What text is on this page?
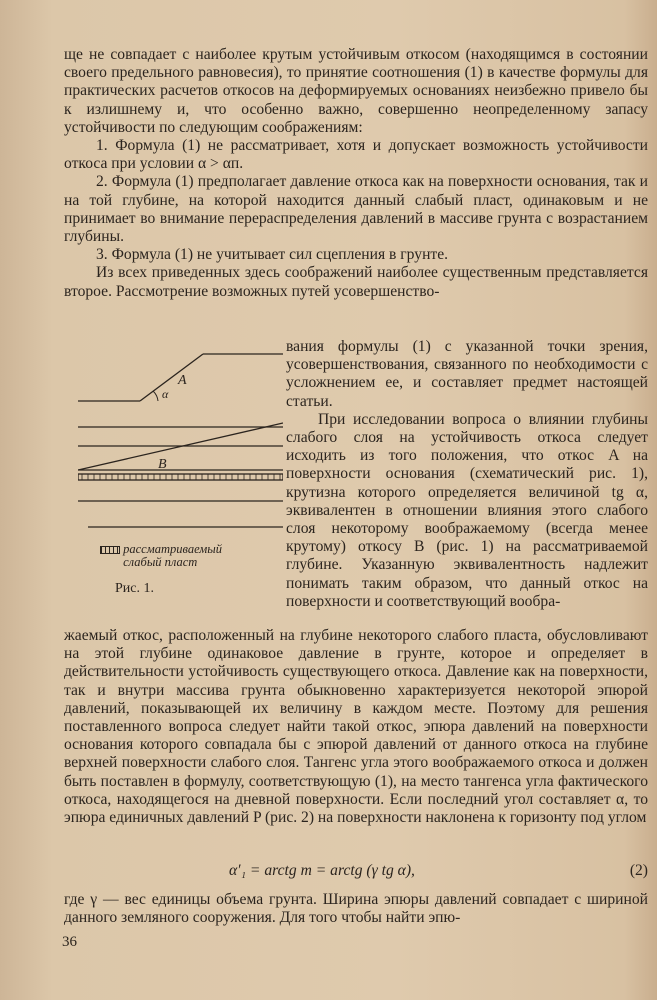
ще не совпадает с наиболее крутым устойчивым откосом (находящимся в состоянии своего предельного равновесия), то принятие соотношения (1) в качестве формулы для практических расчетов откосов на деформируемых основаниях неизбежно привело бы к излишнему и, что особенно важно, совершенно неопределенному запасу устойчивости по следующим соображениям:

1. Формула (1) не рассматривает, хотя и допускает возможность устойчивости откоса при условии α > αп.

2. Формула (1) предполагает давление откоса как на поверхности основания, так и на той глубине, на которой находится данный слабый пласт, одинаковым и не принимает во внимание перераспределения давлений в массиве грунта с возрастанием глубины.

3. Формула (1) не учитывает сил сцепления в грунте.

Из всех приведенных здесь соображений наиболее существенным представляется второе. Рассмотрение возможных путей усовершенство-

вания формулы (1) с указанной точки зрения, усовершенствования, связанного по необходимости с усложнением ее, и составляет предмет настоящей статьи.

При исследовании вопроса о влиянии глубины слабого слоя на устойчивость откоса следует исходить из того положения, что откос A на поверхности основания (схематический рис. 1), крутизна которого определяется величиной tg α, эквивалентен в отношении влияния этого слабого слоя некоторому воображаемому (всегда менее крутому) откосу B (рис. 1) на рассматриваемой глубине. Указанную эквивалентность надлежит понимать таким образом, что данный откос на поверхности и соответствующий вообра-

A
α
B
рассматриваемый слабый пласт
Рис. 1.

жаемый откос, расположенный на глубине некоторого слабого пласта, обусловливают на этой глубине одинаковое давление в грунте, которое и определяет в действительности устойчивость существующего откоса. Давление как на поверхности, так и внутри массива грунта обыкновенно характеризуется некоторой эпюрой давлений, показывающей их величину в каждом месте. Поэтому для решения поставленного вопроса следует найти такой откос, эпюра давлений на поверхности основания которого совпадала бы с эпюрой давлений от данного откоса на глубине верхней поверхности слабого слоя. Тангенс угла этого воображаемого откоса и должен быть поставлен в формулу, соответствующую (1), на место тангенса угла фактического откоса, находящегося на дневной поверхности. Если последний угол составляет α, то эпюра единичных давлений P (рис. 2) на поверхности наклонена к горизонту под углом

α′₁ = arctg m = arctg (γ tg α),	(2)

где γ — вес единицы объема грунта. Ширина эпюры давлений совпадает с шириной данного земляного сооружения. Для того чтобы найти эпю-

36
